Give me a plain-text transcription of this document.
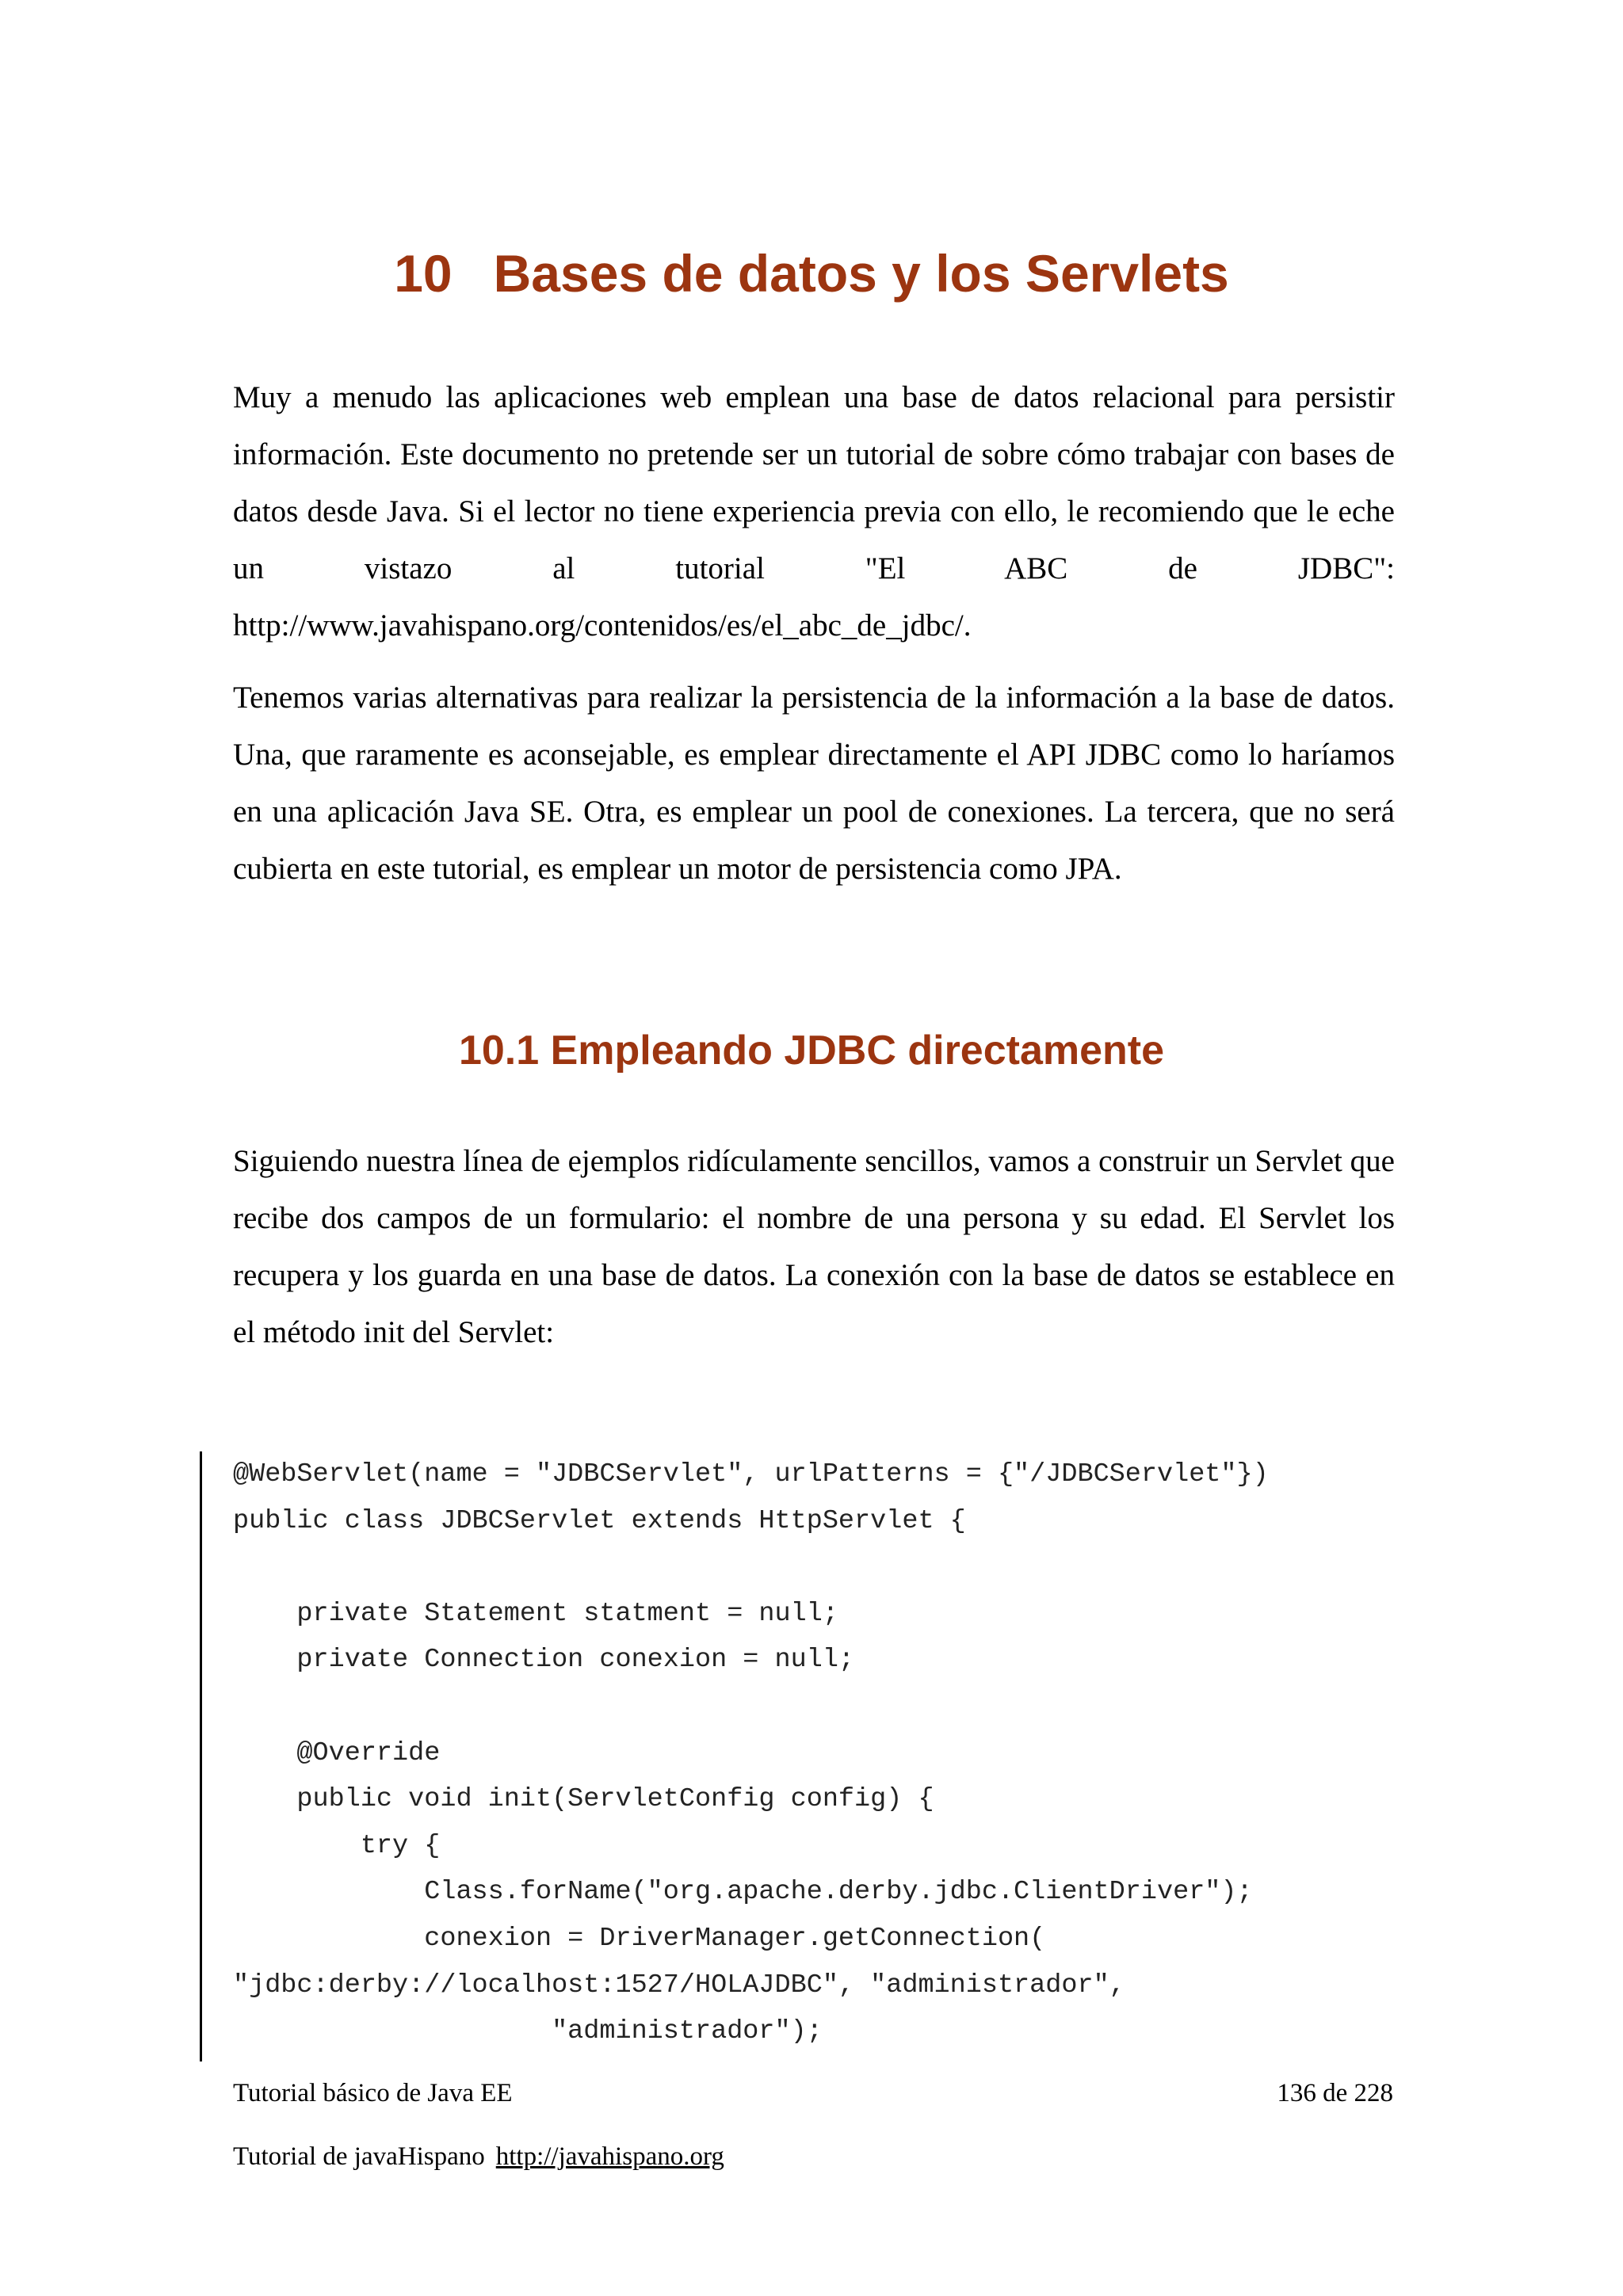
10 Bases de datos y los Servlets

Muy a menudo las aplicaciones web emplean una base de datos relacional para persistir información. Este documento no pretende ser un tutorial de sobre cómo trabajar con bases de datos desde Java. Si el lector no tiene experiencia previa con ello, le recomiendo que le eche un vistazo al tutorial "El ABC de JDBC": http://www.javahispano.org/contenidos/es/el_abc_de_jdbc/.

Tenemos varias alternativas para realizar la persistencia de la información a la base de datos. Una, que raramente es aconsejable, es emplear directamente el API JDBC como lo haríamos en una aplicación Java SE. Otra, es emplear un pool de conexiones. La tercera, que no será cubierta en este tutorial, es emplear un motor de persistencia como JPA.

10.1 Empleando JDBC directamente

Siguiendo nuestra línea de ejemplos ridículamente sencillos, vamos a construir un Servlet que recibe dos campos de un formulario: el nombre de una persona y su edad. El Servlet los recupera y los guarda en una base de datos. La conexión con la base de datos se establece en el método init del Servlet:

@WebServlet(name = "JDBCServlet", urlPatterns = {"/JDBCServlet"})
public class JDBCServlet extends HttpServlet {
private Statement statment = null;
private Connection conexion = null;
@Override
public void init(ServletConfig config) {
try {
Class.forName("org.apache.derby.jdbc.ClientDriver");
conexion = DriverManager.getConnection(
"jdbc:derby://localhost:1527/HOLAJDBC", "administrador",
"administrador");
Tutorial básico de Java EE	136 de 228
Tutorial de javaHispano http://javahispano.org
